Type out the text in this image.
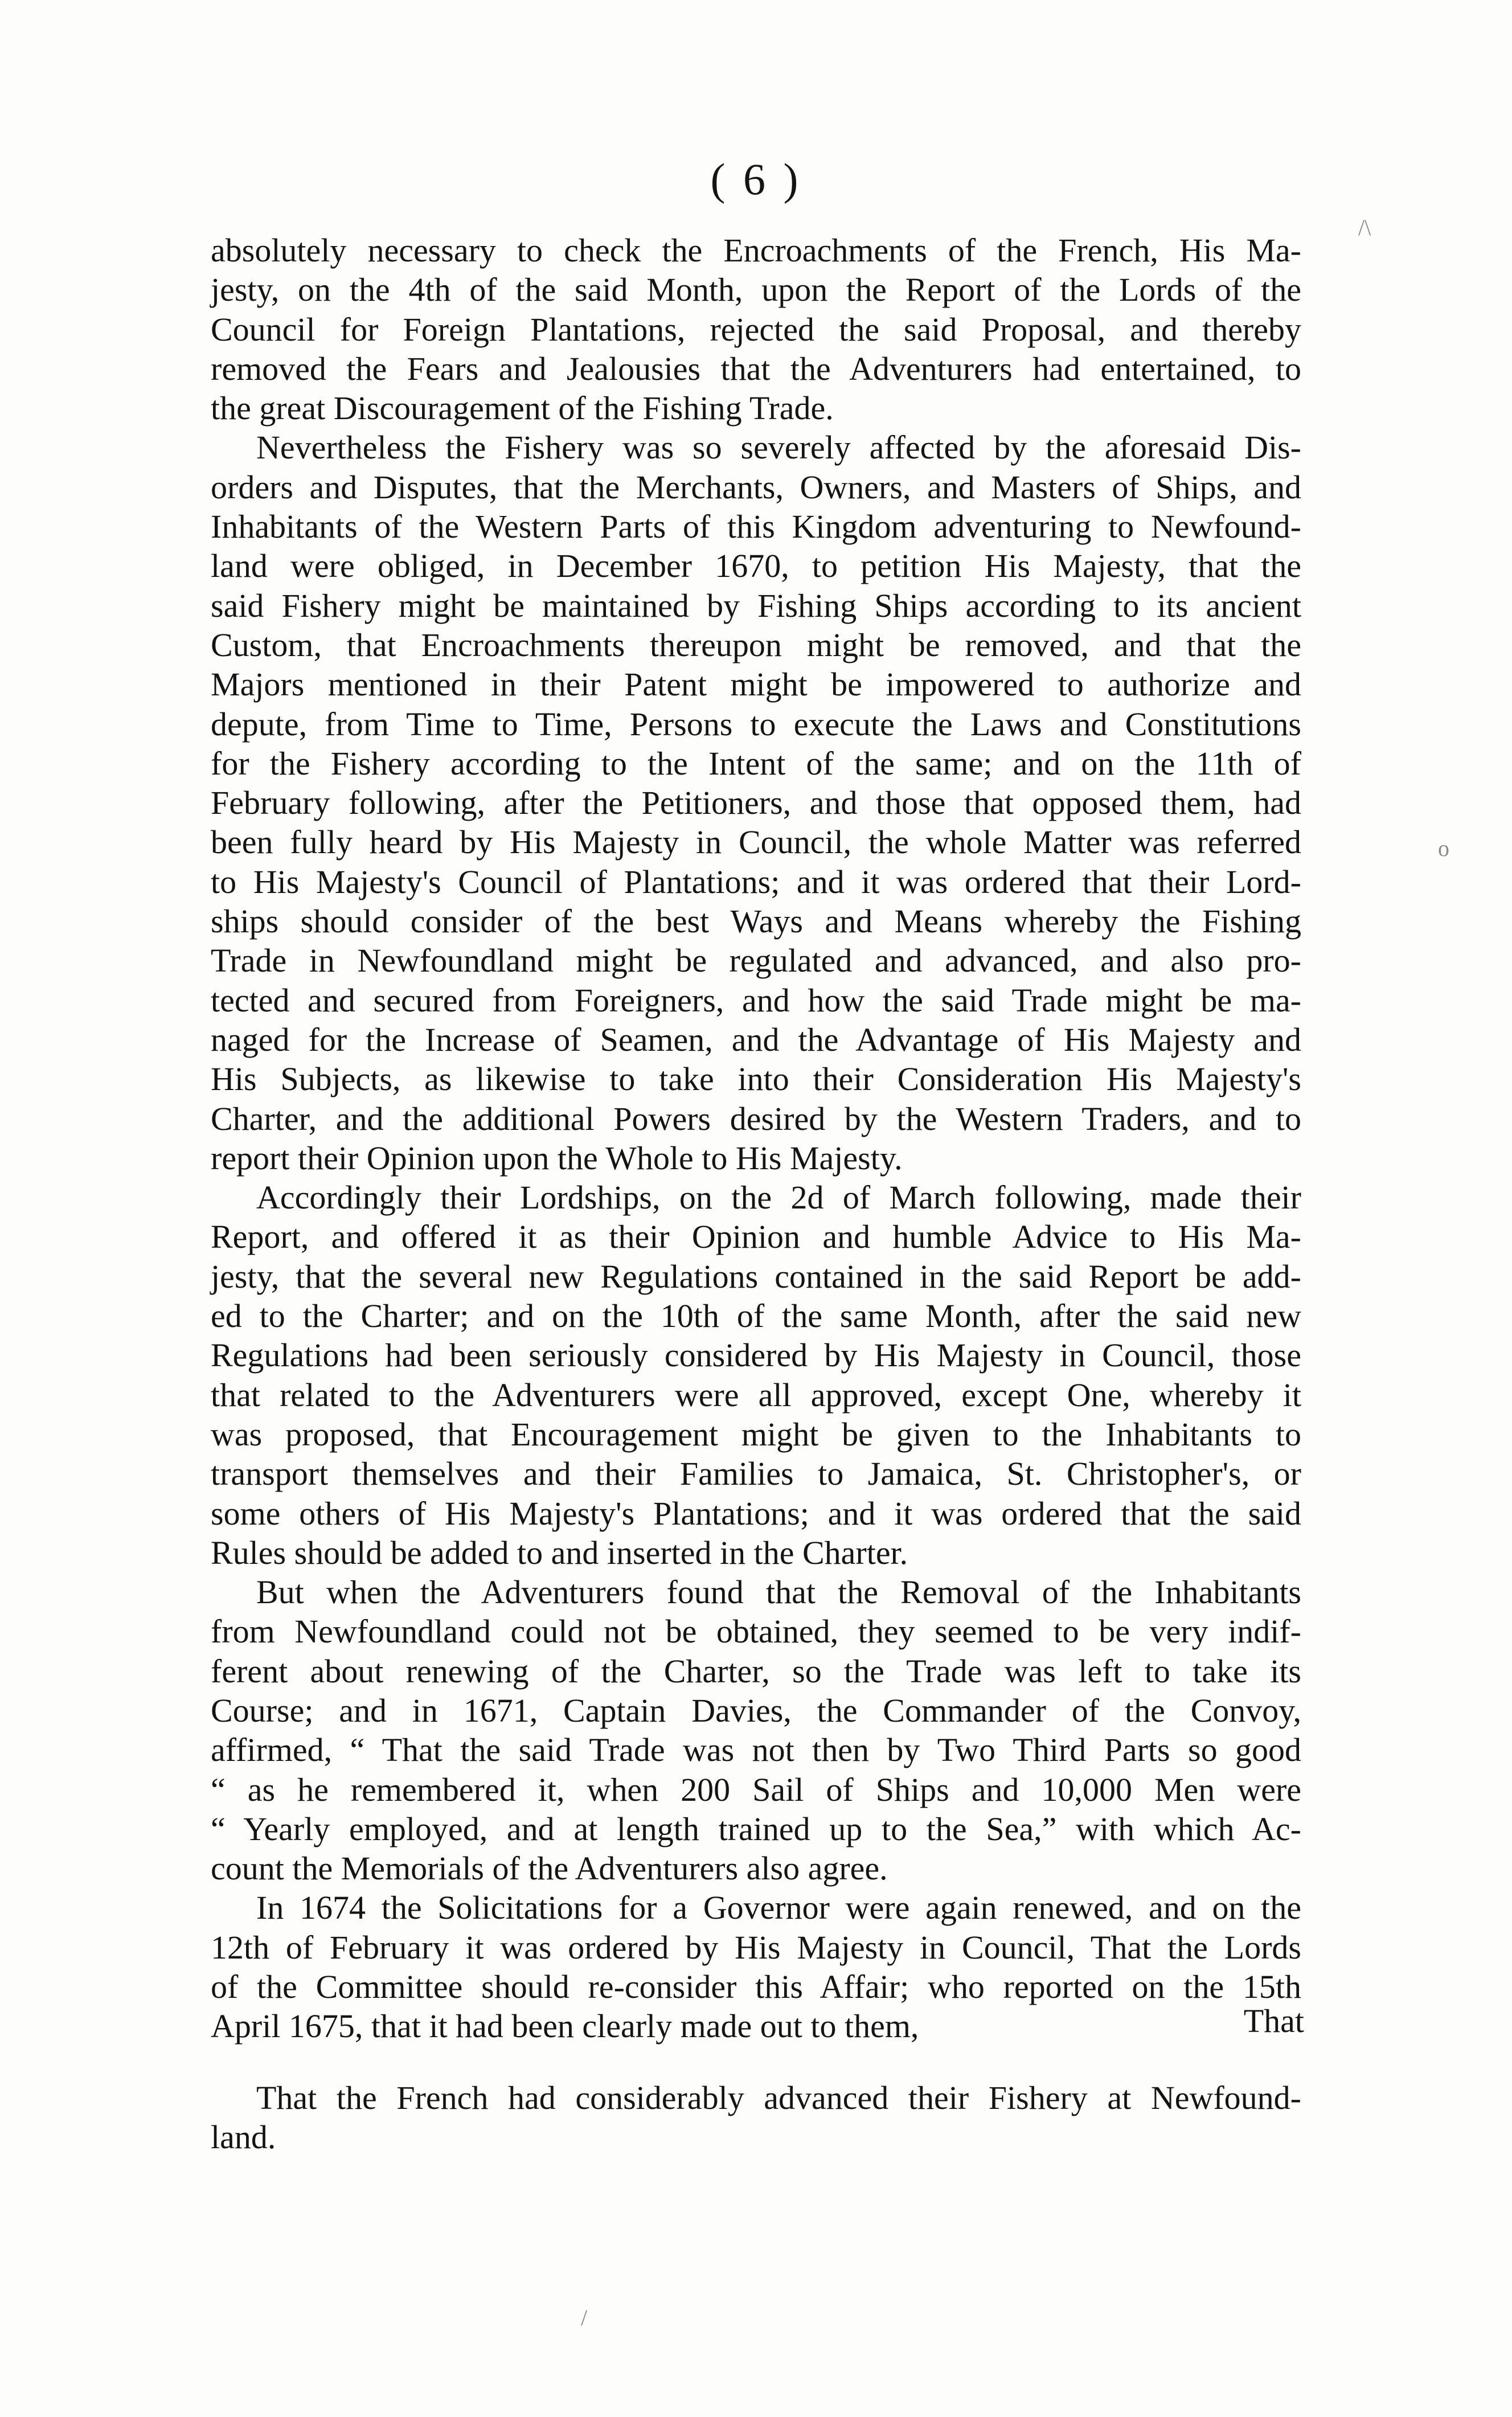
( 6 )

absolutely necessary to check the Encroachments of the French, His Ma-
jesty, on the 4th of the said Month, upon the Report of the Lords of the
Council for Foreign Plantations, rejected the said Proposal, and thereby
removed the Fears and Jealousies that the Adventurers had entertained, to
the great Discouragement of the Fishing Trade.

Nevertheless the Fishery was so severely affected by the aforesaid Dis-
orders and Disputes, that the Merchants, Owners, and Masters of Ships, and
Inhabitants of the Western Parts of this Kingdom adventuring to Newfound-
land were obliged, in December 1670, to petition His Majesty, that the
said Fishery might be maintained by Fishing Ships according to its ancient
Custom, that Encroachments thereupon might be removed, and that the
Majors mentioned in their Patent might be impowered to authorize and
depute, from Time to Time, Persons to execute the Laws and Constitutions
for the Fishery according to the Intent of the same; and on the 11th of
February following, after the Petitioners, and those that opposed them, had
been fully heard by His Majesty in Council, the whole Matter was referred
to His Majesty's Council of Plantations; and it was ordered that their Lord-
ships should consider of the best Ways and Means whereby the Fishing
Trade in Newfoundland might be regulated and advanced, and also pro-
tected and secured from Foreigners, and how the said Trade might be ma-
naged for the Increase of Seamen, and the Advantage of His Majesty and
His Subjects, as likewise to take into their Consideration His Majesty's
Charter, and the additional Powers desired by the Western Traders, and to
report their Opinion upon the Whole to His Majesty.

Accordingly their Lordships, on the 2d of March following, made their
Report, and offered it as their Opinion and humble Advice to His Ma-
jesty, that the several new Regulations contained in the said Report be add-
ed to the Charter; and on the 10th of the same Month, after the said new
Regulations had been seriously considered by His Majesty in Council, those
that related to the Adventurers were all approved, except One, whereby it
was proposed, that Encouragement might be given to the Inhabitants to
transport themselves and their Families to Jamaica, St. Christopher's, or
some others of His Majesty's Plantations; and it was ordered that the said
Rules should be added to and inserted in the Charter.

But when the Adventurers found that the Removal of the Inhabitants
from Newfoundland could not be obtained, they seemed to be very indif-
ferent about renewing of the Charter, so the Trade was left to take its
Course; and in 1671, Captain Davies, the Commander of the Convoy,
affirmed, “ That the said Trade was not then by Two Third Parts so good
“ as he remembered it, when 200 Sail of Ships and 10,000 Men were
“ Yearly employed, and at length trained up to the Sea,” with which Ac-
count the Memorials of the Adventurers also agree.

In 1674 the Solicitations for a Governor were again renewed, and on the
12th of February it was ordered by His Majesty in Council, That the Lords
of the Committee should re-consider this Affair; who reported on the 15th
April 1675, that it had been clearly made out to them,

That the French had considerably advanced their Fishery at Newfound-
land.

That
/\
o
/
